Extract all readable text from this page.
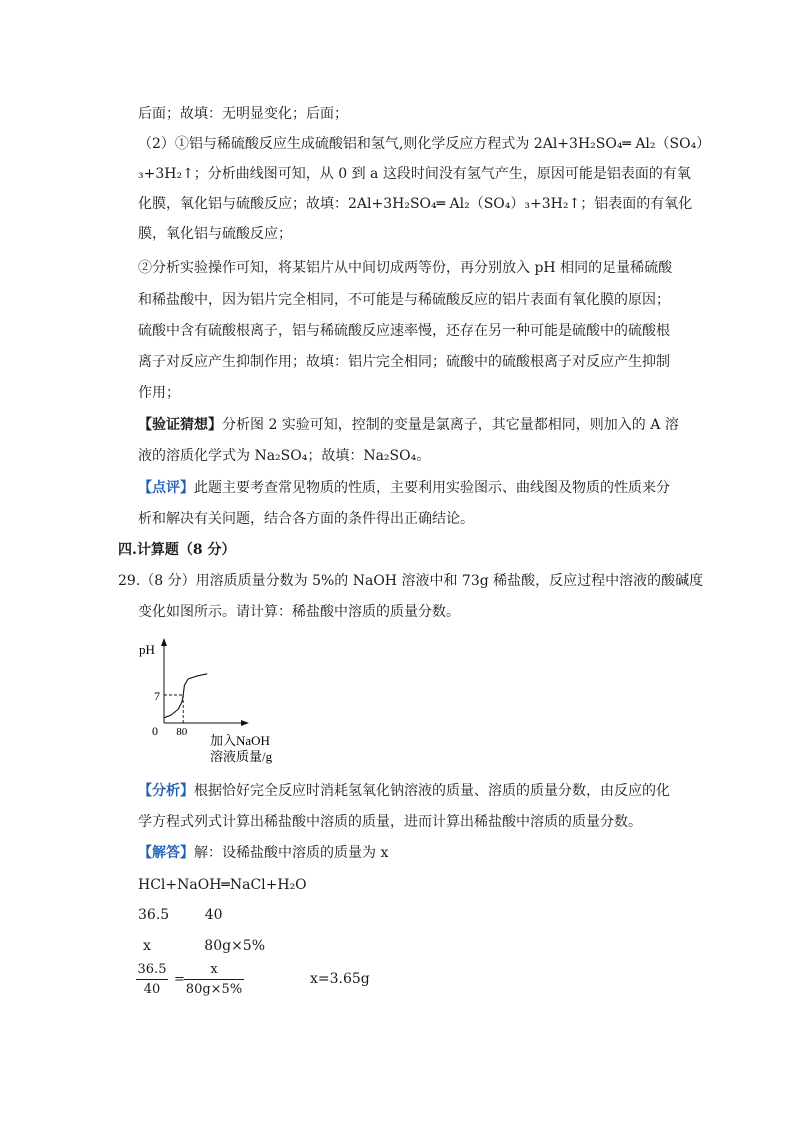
后面；故填：无明显变化；后面；
（2）①铝与稀硫酸反应生成硫酸铝和氢气,则化学反应方程式为 2Al+3H₂SO₄═ Al₂（SO₄）
₃+3H₂↑；分析曲线图可知，从 0 到 a 这段时间没有氢气产生，原因可能是铝表面的有氧
化膜，氧化铝与硫酸反应；故填：2Al+3H₂SO₄═ Al₂（SO₄）₃+3H₂↑；铝表面的有氧化
膜，氧化铝与硫酸反应；
②分析实验操作可知，将某铝片从中间切成两等份，再分别放入 pH 相同的足量稀硫酸
和稀盐酸中，因为铝片完全相同，不可能是与稀硫酸反应的铝片表面有氧化膜的原因；
硫酸中含有硫酸根离子，铝与稀硫酸反应速率慢，还存在另一种可能是硫酸中的硫酸根
离子对反应产生抑制作用；故填：铝片完全相同；硫酸中的硫酸根离子对反应产生抑制
作用；
【验证猜想】分析图 2 实验可知，控制的变量是氯离子，其它量都相同，则加入的 A 溶
液的溶质化学式为 Na₂SO₄；故填：Na₂SO₄。
【点评】此题主要考查常见物质的性质，主要利用实验图示、曲线图及物质的性质来分
析和解决有关问题，结合各方面的条件得出正确结论。
四.计算题（8 分）
29.（8 分）用溶质质量分数为 5%的 NaOH 溶液中和 73g 稀盐酸，反应过程中溶液的酸碱度
变化如图所示。请计算：稀盐酸中溶质的质量分数。
pH
7
0 80
加入NaOH
溶液质量/g
【分析】根据恰好完全反应时消耗氢氧化钠溶液的质量、溶质的质量分数，由反应的化
学方程式列式计算出稀盐酸中溶质的质量，进而计算出稀盐酸中溶质的质量分数。
【解答】解：设稀盐酸中溶质的质量为 x
HCl+NaOH═NaCl+H₂O
36.5        40
x            80g×5%
36.5
40
=
x
80g×5%
x=3.65g
